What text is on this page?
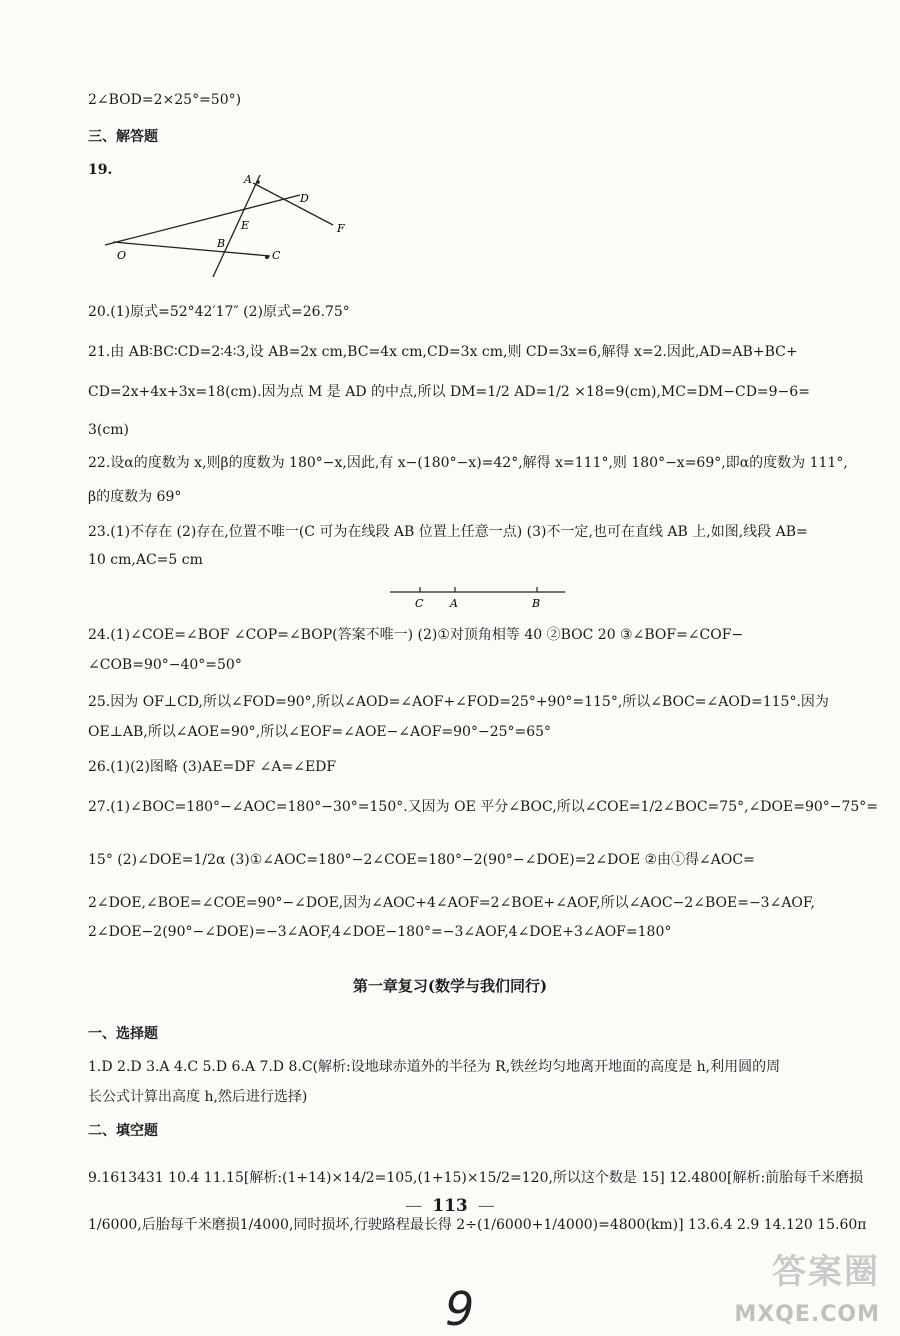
2∠BOD=2×25°=50°)
三、解答题
19.
A
D
E	F
B
O	C
20.(1)原式=52°42′17″ (2)原式=26.75°
21.由 AB∶BC∶CD=2∶4∶3,设 AB=2x cm,BC=4x cm,CD=3x cm,则 CD=3x=6,解得 x=2.因此,AD=AB+BC+
CD=2x+4x+3x=18(cm).因为点 M 是 AD 的中点,所以 DM=1/2 AD=1/2 ×18=9(cm),MC=DM−CD=9−6=
3(cm)
22.设α的度数为 x,则β的度数为 180°−x,因此,有 x−(180°−x)=42°,解得 x=111°,则 180°−x=69°,即α的度数为 111°,
β的度数为 69°
23.(1)不存在 (2)存在,位置不唯一(C 可为在线段 AB 位置上任意一点) (3)不一定,也可在直线 AB 上,如图,线段 AB=
10 cm,AC=5 cm
C A	B
24.(1)∠COE=∠BOF ∠COP=∠BOP(答案不唯一) (2)①对顶角相等 40 ②BOC 20 ③∠BOF=∠COF−
∠COB=90°−40°=50°
25.因为 OF⊥CD,所以∠FOD=90°,所以∠AOD=∠AOF+∠FOD=25°+90°=115°,所以∠BOC=∠AOD=115°.因为
OE⊥AB,所以∠AOE=90°,所以∠EOF=∠AOE−∠AOF=90°−25°=65°
26.(1)(2)图略 (3)AE=DF ∠A=∠EDF
27.(1)∠BOC=180°−∠AOC=180°−30°=150°.又因为 OE 平分∠BOC,所以∠COE=1/2∠BOC=75°,∠DOE=90°−75°=
15° (2)∠DOE=1/2α (3)①∠AOC=180°−2∠COE=180°−2(90°−∠DOE)=2∠DOE ②由①得∠AOC=
2∠DOE,∠BOE=∠COE=90°−∠DOE,因为∠AOC+4∠AOF=2∠BOE+∠AOF,所以∠AOC−2∠BOE=−3∠AOF,
2∠DOE−2(90°−∠DOE)=−3∠AOF,4∠DOE−180°=−3∠AOF,4∠DOE+3∠AOF=180°
第一章复习(数学与我们同行)
一、选择题
1.D 2.D 3.A 4.C 5.D 6.A 7.D 8.C(解析:设地球赤道外的半径为 R,铁丝均匀地离开地面的高度是 h,利用圆的周
长公式计算出高度 h,然后进行选择)
二、填空题
9.1613431 10.4 11.15[解析:(1+14)×14/2=105,(1+15)×15/2=120,所以这个数是 15] 12.4800[解析:前胎每千米磨损
1/6000,后胎每千米磨损1/4000,同时损坏,行驶路程最长得 2÷(1/6000+1/4000)=4800(km)] 13.6.4 2.9 14.120 15.60π
— 113 —
9
答案圈
MXQE.COM
